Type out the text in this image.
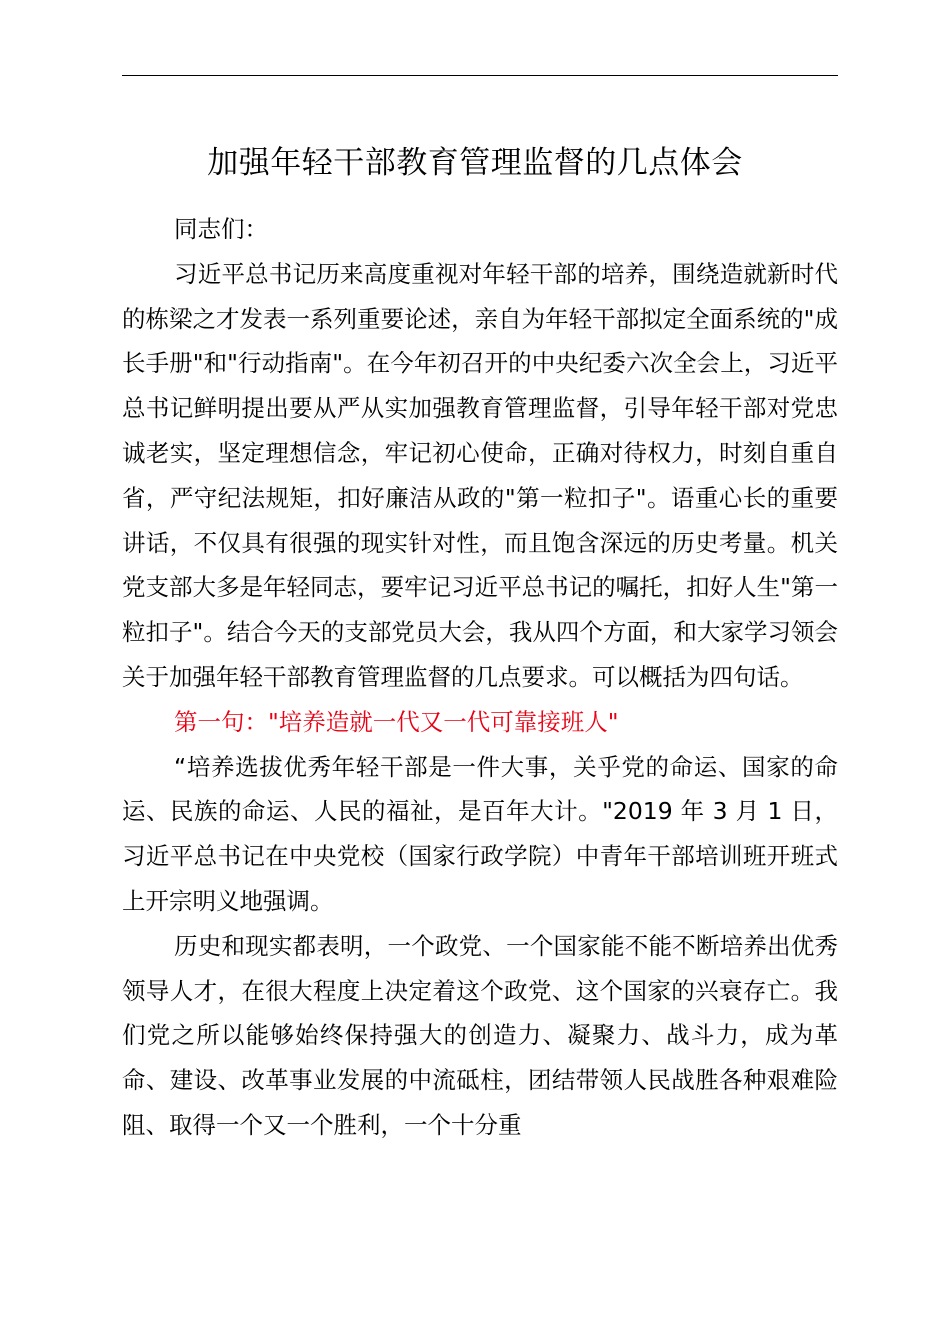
加强年轻干部教育管理监督的几点体会

同志们：

习近平总书记历来高度重视对年轻干部的培养，围绕造就新时代的栋梁之才发表一系列重要论述，亲自为年轻干部拟定全面系统的"成长手册"和"行动指南"。在今年初召开的中央纪委六次全会上，习近平总书记鲜明提出要从严从实加强教育管理监督，引导年轻干部对党忠诚老实，坚定理想信念，牢记初心使命，正确对待权力，时刻自重自省，严守纪法规矩，扣好廉洁从政的"第一粒扣子"。语重心长的重要讲话，不仅具有很强的现实针对性，而且饱含深远的历史考量。机关党支部大多是年轻同志，要牢记习近平总书记的嘱托，扣好人生"第一粒扣子"。结合今天的支部党员大会，我从四个方面，和大家学习领会关于加强年轻干部教育管理监督的几点要求。可以概括为四句话。

第一句："培养造就一代又一代可靠接班人"

“培养选拔优秀年轻干部是一件大事，关乎党的命运、国家的命运、民族的命运、人民的福祉，是百年大计。"2019 年 3 月 1 日，习近平总书记在中央党校（国家行政学院）中青年干部培训班开班式上开宗明义地强调。

历史和现实都表明，一个政党、一个国家能不能不断培养出优秀领导人才，在很大程度上决定着这个政党、这个国家的兴衰存亡。我们党之所以能够始终保持强大的创造力、凝聚力、战斗力，成为革命、建设、改革事业发展的中流砥柱，团结带领人民战胜各种艰难险阻、取得一个又一个胜利，一个十分重
